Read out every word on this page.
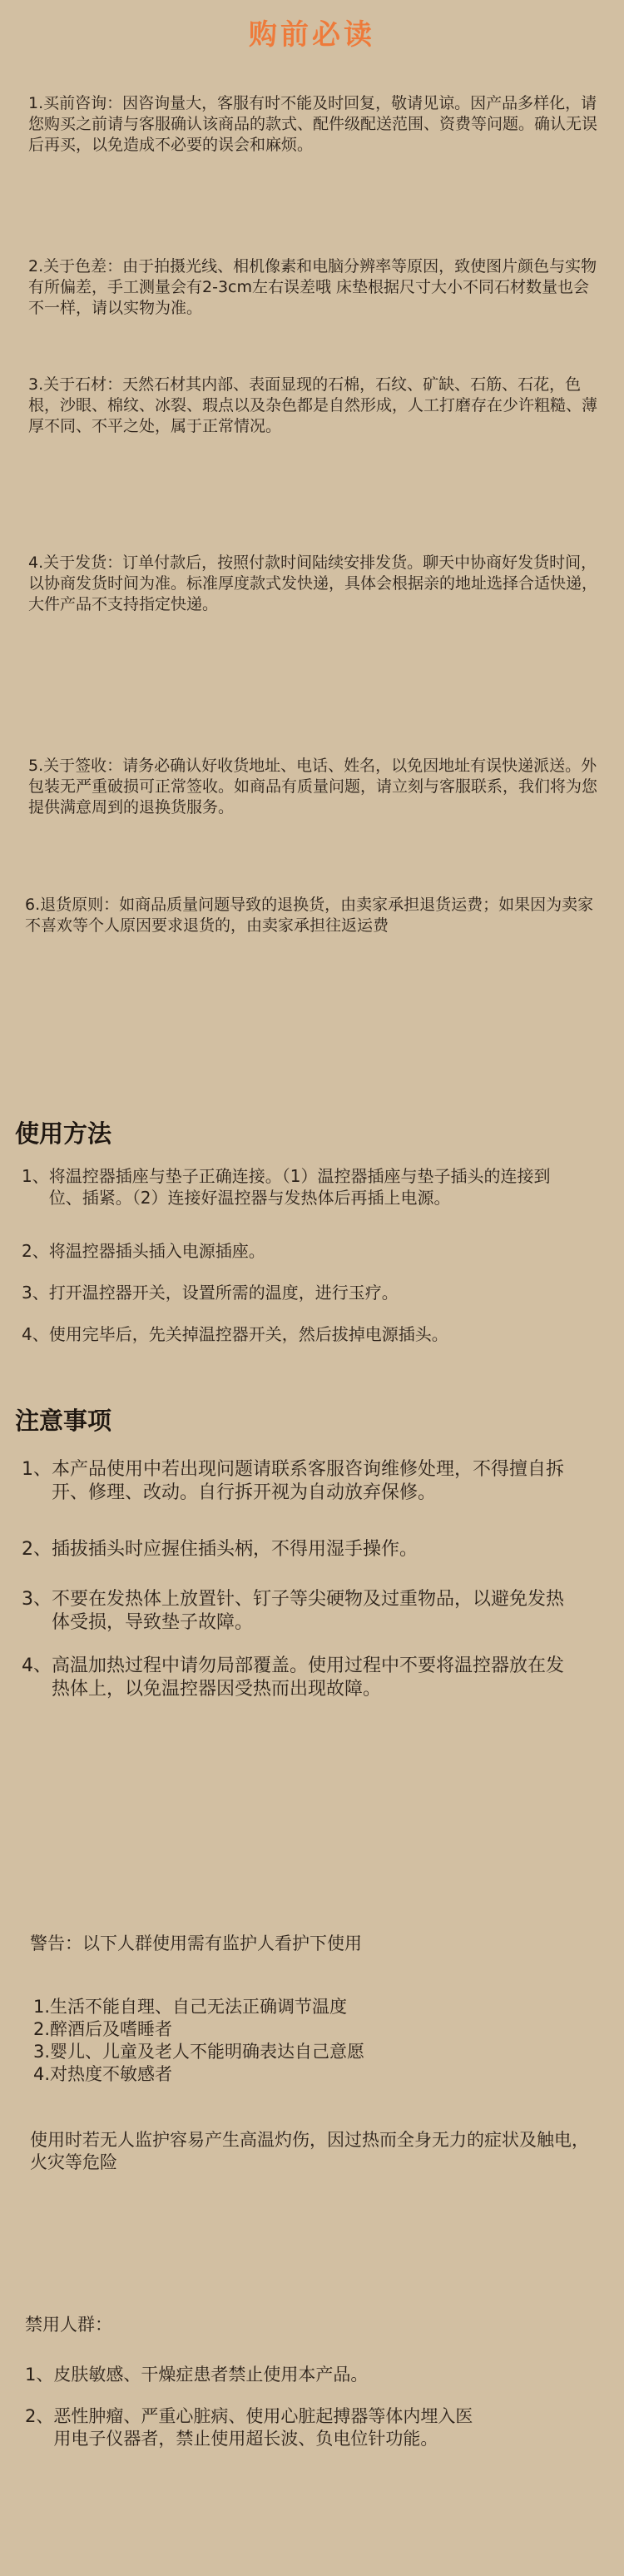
购前必读

1.买前咨询：因咨询量大，客服有时不能及时回复，敬请见谅。因产品多样化，请您购买之前请与客服确认该商品的款式、配件级配送范围、资费等问题。确认无误后再买，以免造成不必要的误会和麻烦。

2.关于色差：由于拍摄光线、相机像素和电脑分辨率等原因，致使图片颜色与实物有所偏差，手工测量会有2-3cm左右误差哦 床垫根据尺寸大小不同石材数量也会不一样，请以实物为准。

3.关于石材：天然石材其内部、表面显现的石棉，石纹、矿缺、石筋、石花，色根，沙眼、棉纹、冰裂、瑕点以及杂色都是自然形成，人工打磨存在少许粗糙、薄厚不同、不平之处，属于正常情况。

4.关于发货：订单付款后，按照付款时间陆续安排发货。聊天中协商好发货时间，以协商发货时间为准。标准厚度款式发快递，具体会根据亲的地址选择合适快递，大件产品不支持指定快递。

5.关于签收：请务必确认好收货地址、电话、姓名，以免因地址有误快递派送。外包装无严重破损可正常签收。如商品有质量问题，请立刻与客服联系，我们将为您提供满意周到的退换货服务。

6.退货原则：如商品质量问题导致的退换货，由卖家承担退货运费；如果因为卖家不喜欢等个人原因要求退货的，由卖家承担往返运费

使用方法
1、 将温控器插座与垫子正确连接。（1）温控器插座与垫子插头的连接到位、插紧。（2）连接好温控器与发热体后再插上电源。
2、 将温控器插头插入电源插座。
3、 打开温控器开关，设置所需的温度，进行玉疗。
4、 使用完毕后，先关掉温控器开关，然后拔掉电源插头。
注意事项
1、 本产品使用中若出现问题请联系客服咨询维修处理，不得擅自拆开、修理、改动。自行拆开视为自动放弃保修。
2、 插拔插头时应握住插头柄，不得用湿手操作。
3、 不要在发热体上放置针、钉子等尖硬物及过重物品，以避免发热体受损，导致垫子故障。
4、 高温加热过程中请勿局部覆盖。使用过程中不要将温控器放在发热体上，以免温控器因受热而出现故障。
警告：以下人群使用需有监护人看护下使用
1.生活不能自理、自己无法正确调节温度
2.醉酒后及嗜睡者
3.婴儿、儿童及老人不能明确表达自己意愿
4.对热度不敏感者

使用时若无人监护容易产生高温灼伤，因过热而全身无力的症状及触电，火灾等危险

禁用人群：
1、 皮肤敏感、干燥症患者禁止使用本产品。
2、 恶性肿瘤、严重心脏病、使用心脏起搏器等体内埋入医用电子仪器者，禁止使用超长波、负电位针功能。
